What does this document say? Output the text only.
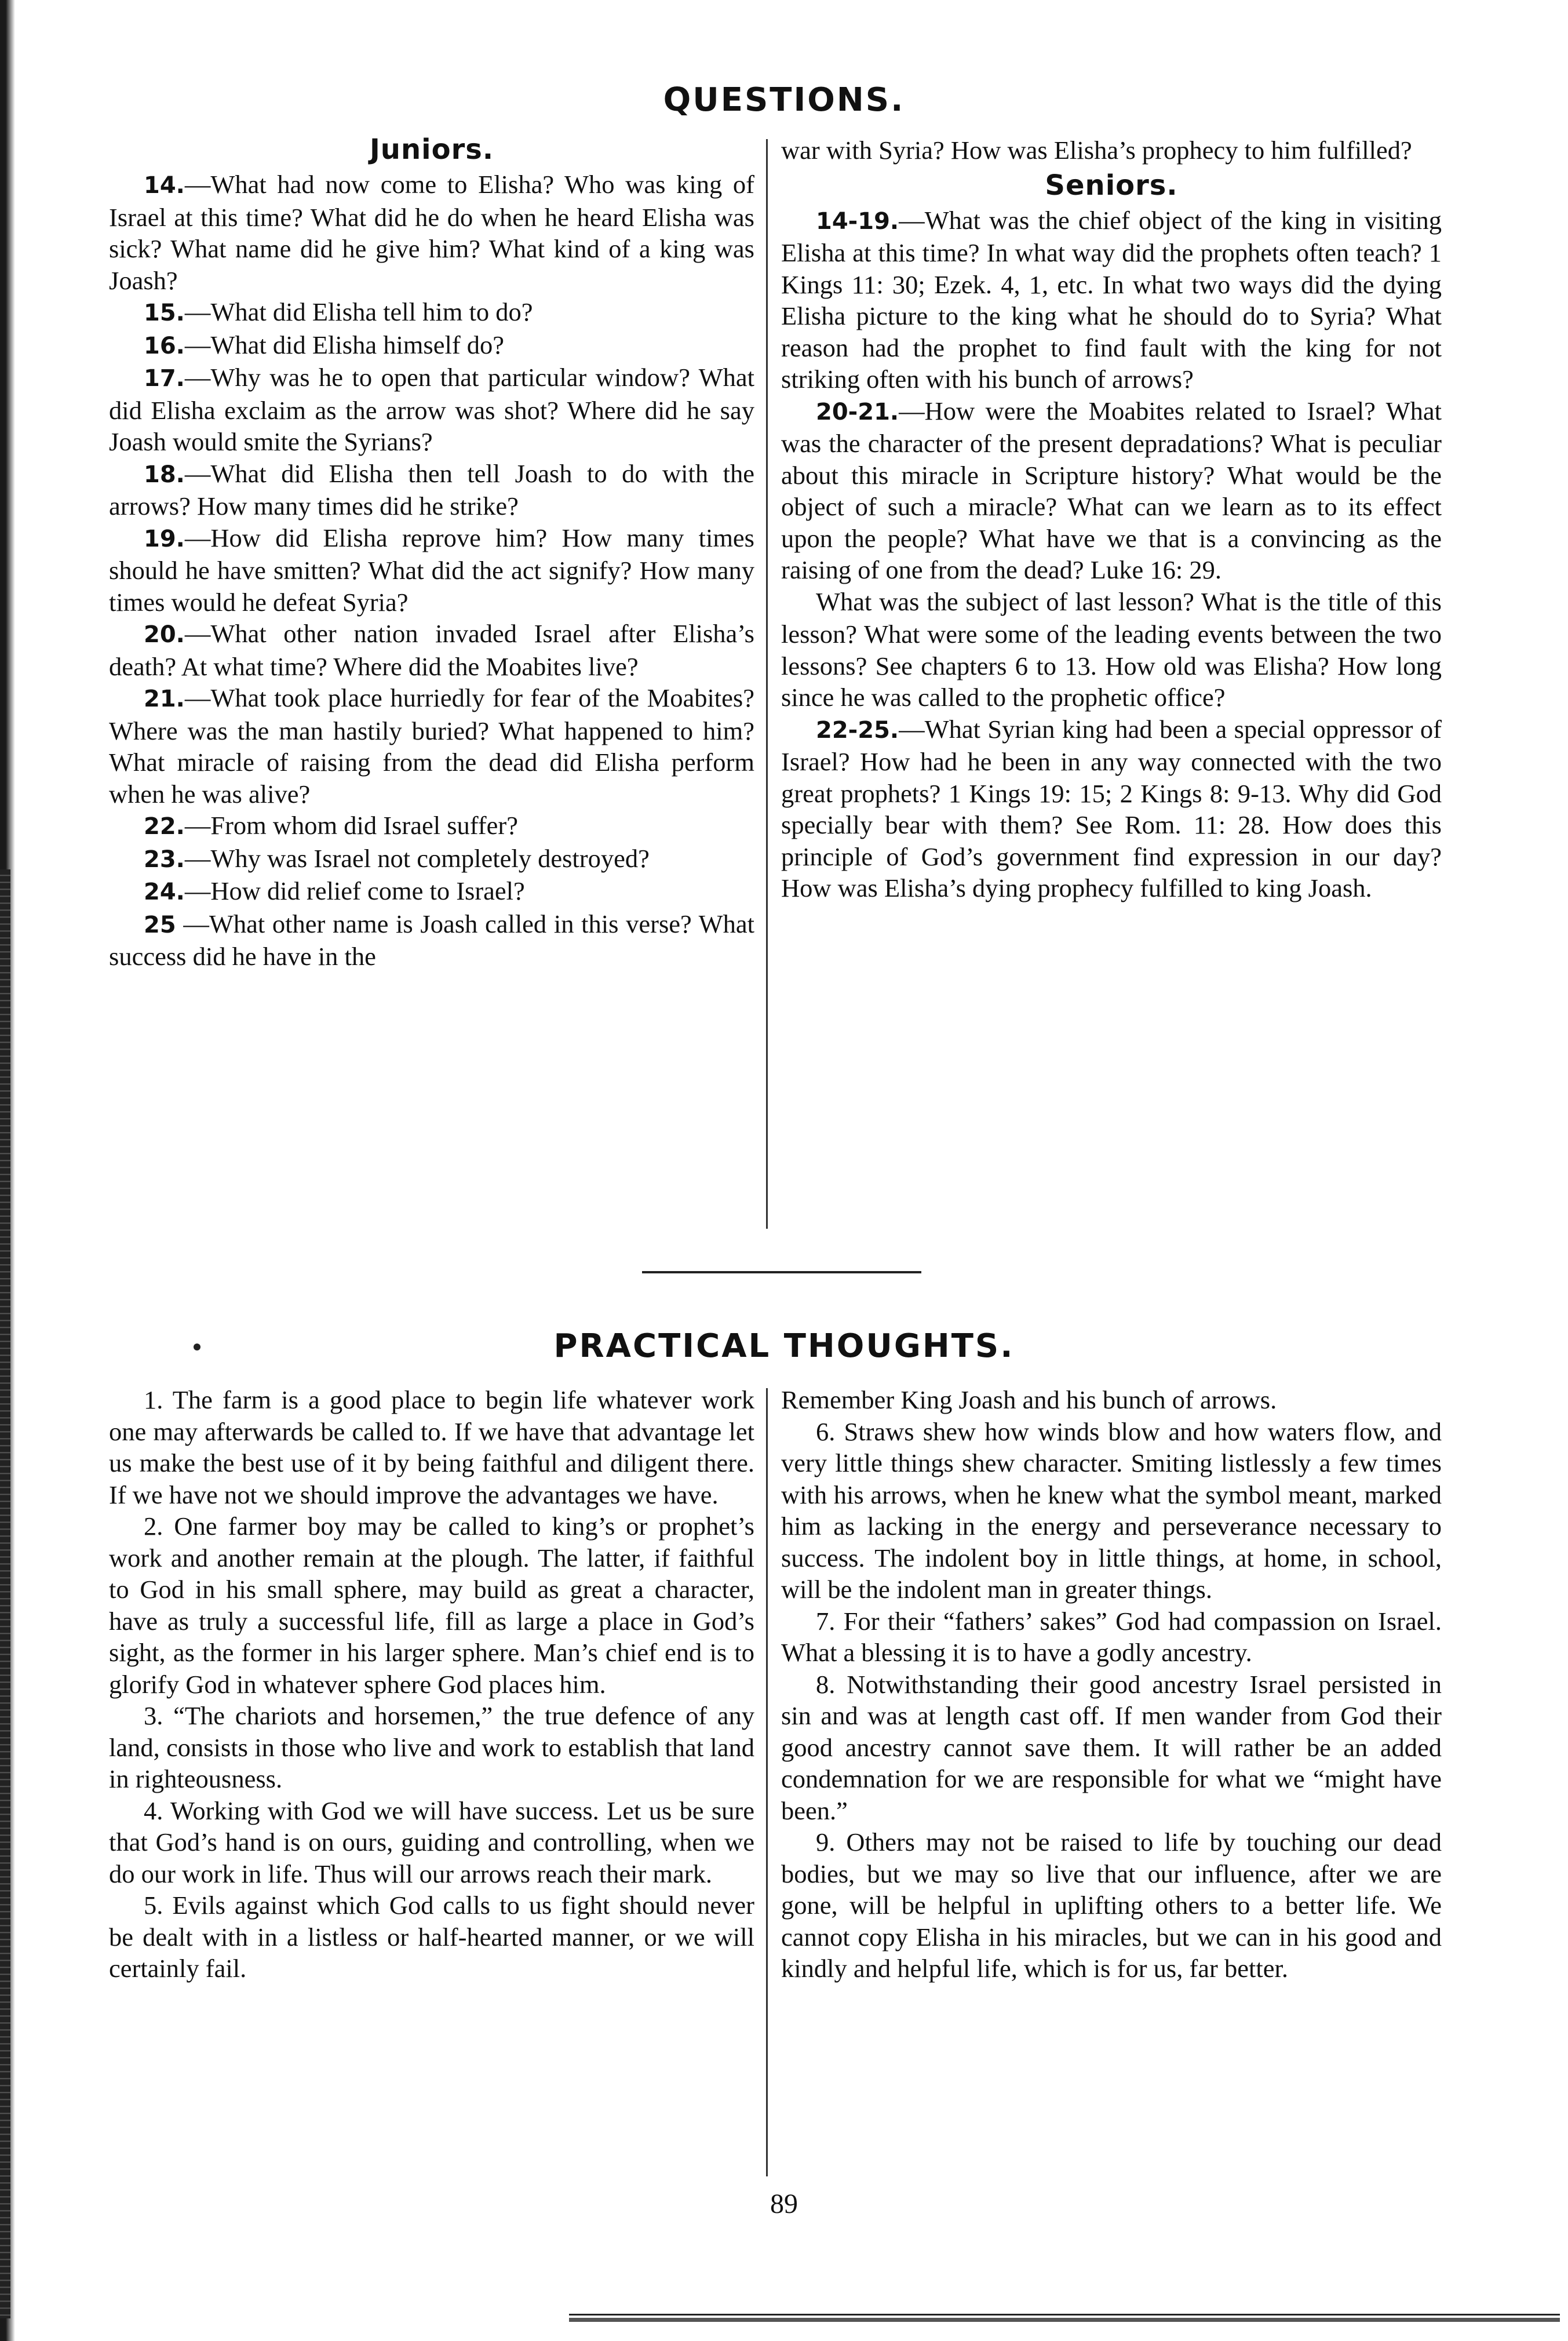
QUESTIONS.
Juniors.

14.—What had now come to Elisha? Who was king of Israel at this time? What did he do when he heard Elisha was sick? What name did he give him? What kind of a king was Joash?

15.—What did Elisha tell him to do?

16.—What did Elisha himself do?

17.—Why was he to open that particular window? What did Elisha exclaim as the arrow was shot? Where did he say Joash would smite the Syrians?

18.—What did Elisha then tell Joash to do with the arrows? How many times did he strike?

19.—How did Elisha reprove him? How many times should he have smitten? What did the act signify? How many times would he defeat Syria?

20.—What other nation invaded Israel after Elisha’s death? At what time? Where did the Moabites live?

21.—What took place hurriedly for fear of the Moabites? Where was the man hastily buried? What happened to him? What miracle of raising from the dead did Elisha perform when he was alive?

22.—From whom did Israel suffer?

23.—Why was Israel not completely destroyed?

24.—How did relief come to Israel?

25 —What other name is Joash called in this verse? What success did he have in the

war with Syria? How was Elisha’s prophecy to him fulfilled?

Seniors.

14-19.—What was the chief object of the king in visiting Elisha at this time? In what way did the prophets often teach? 1 Kings 11: 30; Ezek. 4, 1, etc. In what two ways did the dying Elisha picture to the king what he should do to Syria? What reason had the prophet to find fault with the king for not striking often with his bunch of arrows?

20-21.—How were the Moabites related to Israel? What was the character of the present depradations? What is peculiar about this miracle in Scripture history? What would be the object of such a miracle? What can we learn as to its effect upon the people? What have we that is a convincing as the raising of one from the dead? Luke 16: 29.

What was the subject of last lesson? What is the title of this lesson? What were some of the leading events between the two lessons? See chapters 6 to 13. How old was Elisha? How long since he was called to the prophetic office?

22-25.—What Syrian king had been a special oppressor of Israel? How had he been in any way connected with the two great prophets? 1 Kings 19: 15; 2 Kings 8: 9-13. Why did God specially bear with them? See Rom. 11: 28. How does this principle of God’s government find expression in our day? How was Elisha’s dying prophecy fulfilled to king Joash.

PRACTICAL THOUGHTS.

1. The farm is a good place to begin life whatever work one may afterwards be called to. If we have that advantage let us make the best use of it by being faithful and diligent there. If we have not we should improve the advantages we have.

2. One farmer boy may be called to king’s or prophet’s work and another remain at the plough. The latter, if faithful to God in his small sphere, may build as great a character, have as truly a successful life, fill as large a place in God’s sight, as the former in his larger sphere. Man’s chief end is to glorify God in whatever sphere God places him.

3. “The chariots and horsemen,” the true defence of any land, consists in those who live and work to establish that land in righteousness.

4. Working with God we will have success. Let us be sure that God’s hand is on ours, guiding and controlling, when we do our work in life. Thus will our arrows reach their mark.

5. Evils against which God calls to us fight should never be dealt with in a listless or half-hearted manner, or we will certainly fail.

Remember King Joash and his bunch of arrows.

6. Straws shew how winds blow and how waters flow, and very little things shew character. Smiting listlessly a few times with his arrows, when he knew what the symbol meant, marked him as lacking in the energy and perseverance necessary to success. The indolent boy in little things, at home, in school, will be the indolent man in greater things.

7. For their “fathers’ sakes” God had compassion on Israel. What a blessing it is to have a godly ancestry.

8. Notwithstanding their good ancestry Israel persisted in sin and was at length cast off. If men wander from God their good ancestry cannot save them. It will rather be an added condemnation for we are responsible for what we “might have been.”

9. Others may not be raised to life by touching our dead bodies, but we may so live that our influence, after we are gone, will be helpful in uplifting others to a better life. We cannot copy Elisha in his miracles, but we can in his good and kindly and helpful life, which is for us, far better.

89
